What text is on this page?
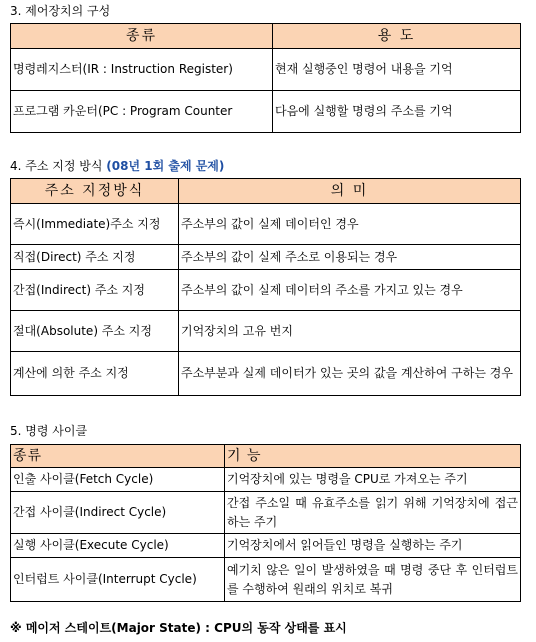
3. 제어장치의 구성
종류	용 도
명령레지스터(IR : Instruction Register)	현재 실행중인 명령어 내용을 기억
프로그램 카운터(PC : Program Counter	다음에 실행할 명령의 주소를 기억
4. 주소 지정 방식 (08년 1회 출제 문제)
주소 지정방식	의 미
즉시(Immediate)주소 지정	주소부의 값이 실제 데이터인 경우
직접(Direct) 주소 지정	주소부의 값이 실제 주소로 이용되는 경우
간접(Indirect) 주소 지정	주소부의 값이 실제 데이터의 주소를 가지고 있는 경우
절대(Absolute) 주소 지정	기억장치의 고유 번지
계산에 의한 주소 지정	주소부분과 실제 데이터가 있는 곳의 값을 계산하여 구하는 경우
5. 명령 사이클
종류	기 능
인출 사이클(Fetch Cycle)	기억장치에 있는 명령을 CPU로 가져오는 주기
간접 사이클(Indirect Cycle)	간접 주소일 때 유효주소를 읽기 위해 기억장치에 접근하는 주기
실행 사이클(Execute Cycle)	기억장치에서 읽어들인 명령을 실행하는 주기
인터럽트 사이클(Interrupt Cycle)	예기치 않은 일이 발생하였을 때 명령 중단 후 인터럽트를 수행하여 원래의 위치로 복귀
※ 메이저 스테이트(Major State) : CPU의 동작 상태를 표시
